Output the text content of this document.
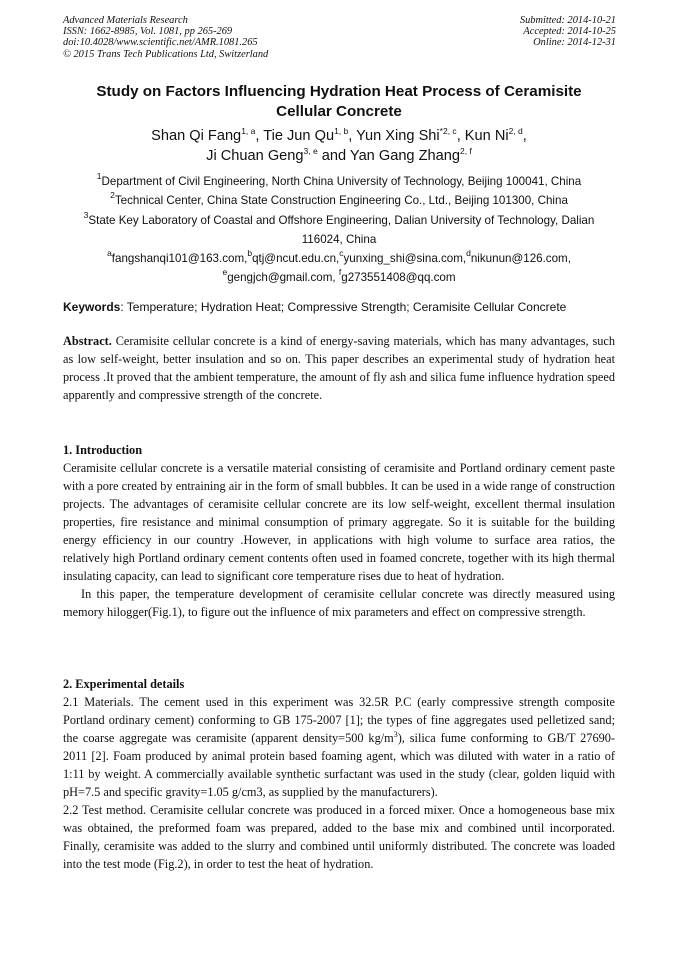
Advanced Materials Research
ISSN: 1662-8985, Vol. 1081, pp 265-269
doi:10.4028/www.scientific.net/AMR.1081.265
© 2015 Trans Tech Publications Ltd, Switzerland
Submitted: 2014-10-21
Accepted: 2014-10-25
Online: 2014-12-31
Study on Factors Influencing Hydration Heat Process of Ceramisite
Cellular Concrete
Shan Qi Fang$^{1, a}$, Tie Jun Qu$^{1, b}$, Yun Xing Shi$^{*2, c}$, Kun Ni$^{2, d}$,
Ji Chuan Geng$^{3, e}$ and Yan Gang Zhang$^{2, f}$
$^1$Department of Civil Engineering, North China University of Technology, Beijing 100041, China
$^2$Technical Center, China State Construction Engineering Co., Ltd., Beijing 101300, China
$^3$State Key Laboratory of Coastal and Offshore Engineering, Dalian University of Technology, Dalian
116024, China
$^a$fangshanqi101@163.com,$^b$qtj@ncut.edu.cn,$^c$yunxing_shi@sina.com,$^d$nikunun@126.com,
$^e$gengjch@gmail.com, $^f$g273551408@qq.com
Keywords: Temperature; Hydration Heat; Compressive Strength; Ceramisite Cellular Concrete
Abstract. Ceramisite cellular concrete is a kind of energy-saving materials, which has many advantages, such as low self-weight, better insulation and so on. This paper describes an experimental study of hydration heat process .It proved that the ambient temperature, the amount of fly ash and silica fume influence hydration speed apparently and compressive strength of the concrete.
1. Introduction
Ceramisite cellular concrete is a versatile material consisting of ceramisite and Portland ordinary cement paste with a pore created by entraining air in the form of small bubbles. It can be used in a wide range of construction projects. The advantages of ceramisite cellular concrete are its low self-weight, excellent thermal insulation properties, fire resistance and minimal consumption of primary aggregate. So it is suitable for the building energy efficiency in our country .However, in applications with high volume to surface area ratios, the relatively high Portland ordinary cement contents often used in foamed concrete, together with its high thermal insulating capacity, can lead to significant core temperature rises due to heat of hydration.
In this paper, the temperature development of ceramisite cellular concrete was directly measured using memory hilogger(Fig.1), to figure out the influence of mix parameters and effect on compressive strength.
2. Experimental details
2.1 Materials. The cement used in this experiment was 32.5R P.C (early compressive strength composite Portland ordinary cement) conforming to GB 175-2007 [1]; the types of fine aggregates used pelletized sand; the coarse aggregate was ceramisite (apparent density=500 $kg/m^3$), silica fume conforming to GB/T 27690-2011 [2]. Foam produced by animal protein based foaming agent, which was diluted with water in a ratio of 1:11 by weight. A commercially available synthetic surfactant was used in the study (clear, golden liquid with pH=7.5 and specific gravity=1.05 g/cm3, as supplied by the manufacturers).
2.2 Test method. Ceramisite cellular concrete was produced in a forced mixer. Once a homogeneous base mix was obtained, the preformed foam was prepared, added to the base mix and combined until incorporated. Finally, ceramisite was added to the slurry and combined until uniformly distributed. The concrete was loaded into the test mode (Fig.2), in order to test the heat of hydration.
